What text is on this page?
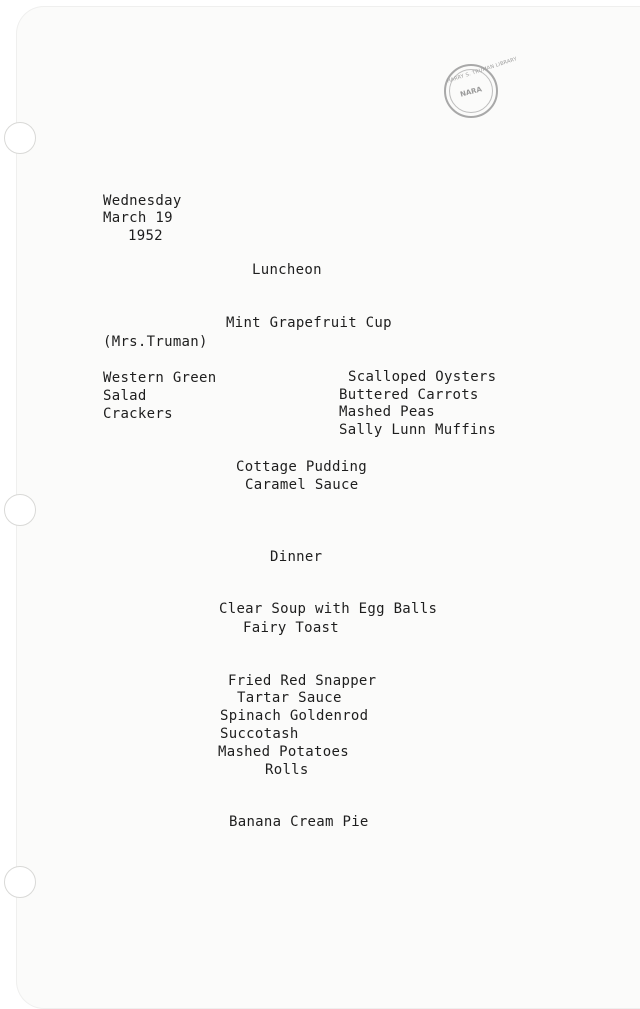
HARRY S. TRUMAN LIBRARY
NARA
Wednesday
March 19
1952
Luncheon
Mint Grapefruit Cup
(Mrs.Truman)
Western Green
Salad
Crackers
Scalloped Oysters
Buttered Carrots
Mashed Peas
Sally Lunn Muffins
Cottage Pudding
Caramel Sauce
Dinner
Clear Soup with Egg Balls
Fairy Toast
Fried Red Snapper
Tartar Sauce
Spinach Goldenrod
Succotash
Mashed Potatoes
Rolls
Banana Cream Pie
